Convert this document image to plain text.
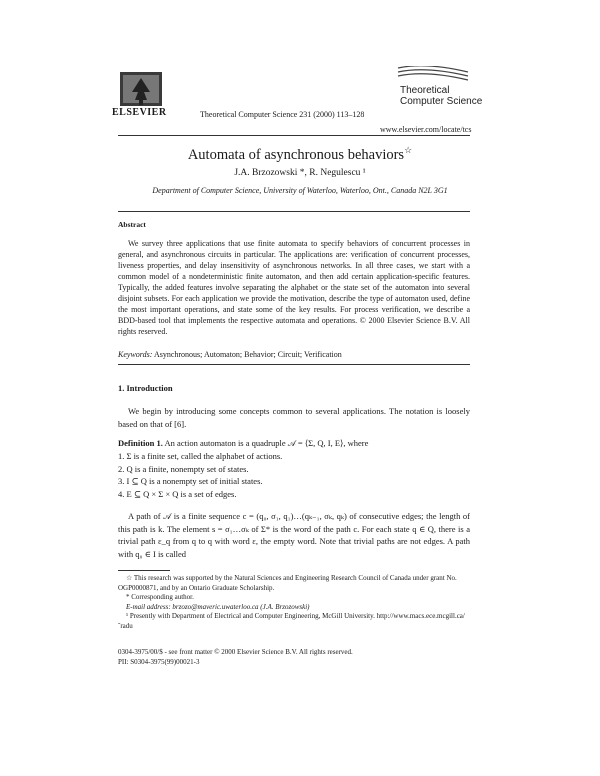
ELSEVIER	Theoretical Computer Science 231 (2000) 113–128
Theoretical
Computer Science
www.elsevier.com/locate/tcs
Automata of asynchronous behaviors☆
J.A. Brzozowski *, R. Negulescu ¹
Department of Computer Science, University of Waterloo, Waterloo, Ont., Canada N2L 3G1
Abstract
We survey three applications that use finite automata to specify behaviors of concurrent processes in general, and asynchronous circuits in particular. The applications are: verification of concurrent processes, liveness properties, and delay insensitivity of asynchronous networks. In all three cases, we start with a common model of a nondeterministic finite automaton, and then add certain application-specific features. Typically, the added features involve separating the alphabet or the state set of the automaton into several disjoint subsets. For each application we provide the motivation, describe the type of automaton used, define the most important operations, and state some of the key results. For process verification, we describe a BDD-based tool that implements the respective automata and operations. © 2000 Elsevier Science B.V. All rights reserved.
Keywords: Asynchronous; Automaton; Behavior; Circuit; Verification
1. Introduction
We begin by introducing some concepts common to several applications. The notation is loosely based on that of [6].
Definition 1. An action automaton is a quadruple 𝒜 = ⟨Σ, Q, I, E⟩, where
1. Σ is a finite set, called the alphabet of actions.
2. Q is a finite, nonempty set of states.
3. I ⊆ Q is a nonempty set of initial states.
4. E ⊆ Q × Σ × Q is a set of edges.
A path of 𝒜 is a finite sequence c = (q₀, σ₁, q₁)…(qₖ₋₁, σₖ, qₖ) of consecutive edges; the length of this path is k. The element s = σ₁…σₖ of Σ* is the word of the path c. For each state q ∈ Q, there is a trivial path ε_q from q to q with word ε, the empty word. Note that trivial paths are not edges. A path with q₀ ∈ I is called

☆ This research was supported by the Natural Sciences and Engineering Research Council of Canada under grant No. OGP0000871, and by an Ontario Graduate Scholarship.

* Corresponding author.

E-mail address: brzozo@maveric.uwaterloo.ca (J.A. Brzozowski)

¹ Presently with Department of Electrical and Computer Engineering, McGill University. http://www.macs.ece.mcgill.ca/˜radu

0304-3975/00/$ - see front matter © 2000 Elsevier Science B.V. All rights reserved.
PII: S0304-3975(99)00021-3
